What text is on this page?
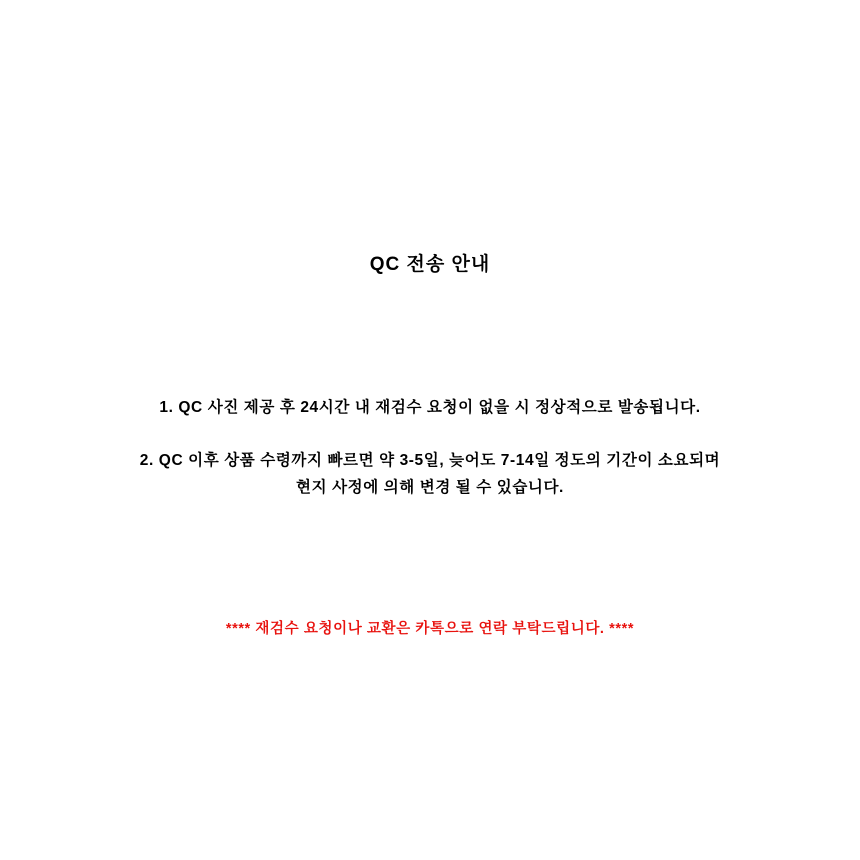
QC 전송 안내

1. QC 사진 제공 후 24시간 내 재검수 요청이 없을 시 정상적으로 발송됩니다.

2. QC 이후 상품 수령까지 빠르면 약 3-5일, 늦어도 7-14일 정도의 기간이 소요되며
현지 사정에 의해 변경 될 수 있습니다.

**** 재검수 요청이나 교환은 카톡으로 연락 부탁드립니다. ****
